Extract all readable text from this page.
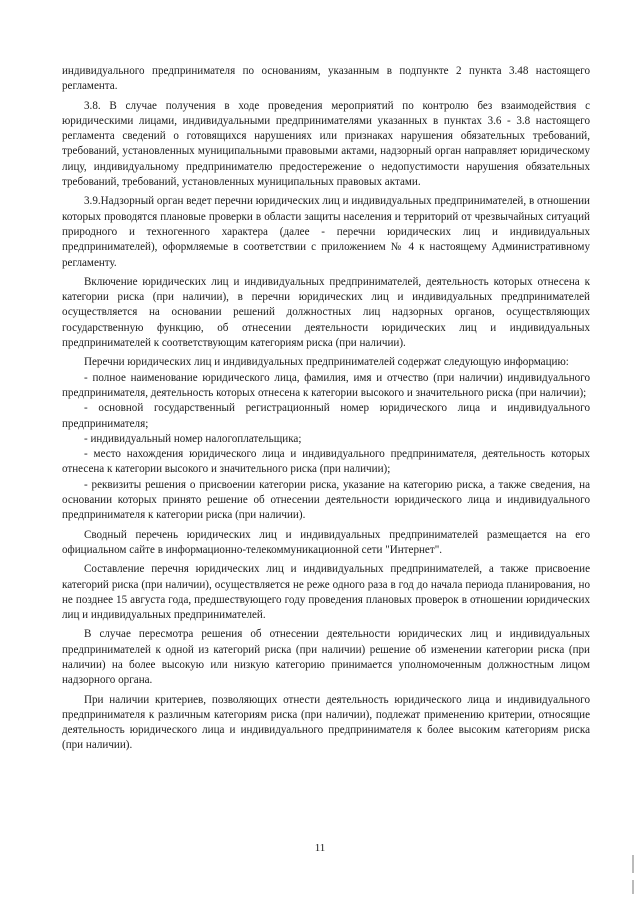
индивидуального предпринимателя по основаниям, указанным в подпункте 2 пункта 3.48 настоящего регламента.

3.8. В случае получения в ходе проведения мероприятий по контролю без взаимодействия с юридическими лицами, индивидуальными предпринимателями указанных в пунктах 3.6 - 3.8 настоящего регламента сведений о готовящихся нарушениях или признаках нарушения обязательных требований, требований, установленных муниципальными правовыми актами, надзорный орган направляет юридическому лицу, индивидуальному предпринимателю предостережение о недопустимости нарушения обязательных требований, требований, установленных муниципальных правовых актами.

3.9.Надзорный орган ведет перечни юридических лиц и индивидуальных предпринимателей, в отношении которых проводятся плановые проверки в области защиты населения и территорий от чрезвычайных ситуаций природного и техногенного характера (далее - перечни юридических лиц и индивидуальных предпринимателей), оформляемые в соответствии с приложением № 4 к настоящему Административному регламенту.

Включение юридических лиц и индивидуальных предпринимателей, деятельность которых отнесена к категории риска (при наличии), в перечни юридических лиц и индивидуальных предпринимателей осуществляется на основании решений должностных лиц надзорных органов, осуществляющих государственную функцию, об отнесении деятельности юридических лиц и индивидуальных предпринимателей к соответствующим категориям риска (при наличии).

Перечни юридических лиц и индивидуальных предпринимателей содержат следующую информацию:

- полное наименование юридического лица, фамилия, имя и отчество (при наличии) индивидуального предпринимателя, деятельность которых отнесена к категории высокого и значительного риска (при наличии);

- основной государственный регистрационный номер юридического лица и индивидуального предпринимателя;

- индивидуальный номер налогоплательщика;

- место нахождения юридического лица и индивидуального предпринимателя, деятельность которых отнесена к категории высокого и значительного риска (при наличии);

- реквизиты решения о присвоении категории риска, указание на категорию риска, а также сведения, на основании которых принято решение об отнесении деятельности юридического лица и индивидуального предпринимателя к категории риска (при наличии).

Сводный перечень юридических лиц и индивидуальных предпринимателей размещается на его официальном сайте в информационно-телекоммуникационной сети "Интернет".

Составление перечня юридических лиц и индивидуальных предпринимателей, а также присвоение категорий риска (при наличии), осуществляется не реже одного раза в год до начала периода планирования, но не позднее 15 августа года, предшествующего году проведения плановых проверок в отношении юридических лиц и индивидуальных предпринимателей.

В случае пересмотра решения об отнесении деятельности юридических лиц и индивидуальных предпринимателей к одной из категорий риска (при наличии) решение об изменении категории риска (при наличии) на более высокую или низкую категорию принимается уполномоченным должностным лицом надзорного органа.

При наличии критериев, позволяющих отнести деятельность юридического лица и индивидуального предпринимателя к различным категориям риска (при наличии), подлежат применению критерии, относящие деятельность юридического лица и индивидуального предпринимателя к более высоким категориям риска (при наличии).

11
